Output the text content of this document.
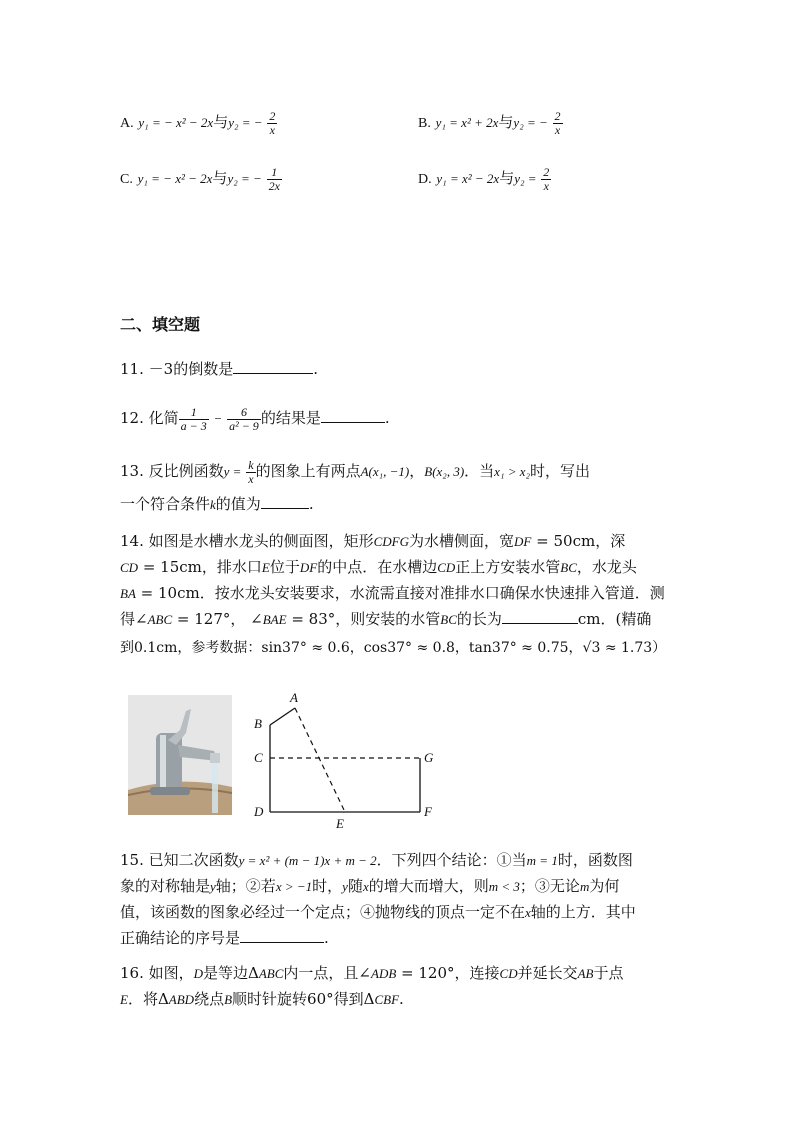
A. y₁ = − x² − 2x与y₂ = − $\frac{2}{x}$	B. y₁ = x² + 2x与y₂ = − $\frac{2}{x}$
C. y₁ = − x² − 2x与y₂ = − $\frac{1}{2x}$	D. y₁ = x² − 2x与$y_2 = \frac{2}{x}$
二、填空题
11. －3的倒数是	.
12. 化简 $\frac{1}{a - 3} - \frac{6}{\text{a² − 9}}$ 的结果是	.
13. 反比例函数$y = \frac{k}{x}$ 的图象上有两点A(x₁, −1)，B(x₂, 3)．当x₁ > x₂时，写出
一个符合条件k的值为	.
14. 如图是水槽水龙头的侧面图，矩形CDFG为水槽侧面，宽DF = 50cm，深
CD = 15cm，排水口E位于DF的中点．在水槽边CD正上方安装水管BC，水龙头
BA = 10cm．按水龙头安装要求，水流需直接对准排水口确保水快速排入管道．测
得∠ABC = 127°， ∠BAE = 83°，则安装的水管BC的长为	cm．(精确
到0.1cm，参考数据：sin37° ≈ 0.6，cos37° ≈ 0.8，tan37° ≈ 0.75，√3 ≈ 1.73）
A
B
C	G
D
E
F
15. 已知二次函数y = x² + (m − 1)x + m − 2．下列四个结论：①当m = 1时，函数图
象的对称轴是y轴；②若x > −1时，y随x的增大而增大，则m < 3；③无论m为何
值，该函数的图象必经过一个定点；④抛物线的顶点一定不在x轴的上方．其中
正确结论的序号是	.
16. 如图，D是等边ΔABC内一点，且∠ADB = 120°，连接CD并延长交AB于点
E．将ΔABD绕点B顺时针旋转60°得到ΔCBF.
